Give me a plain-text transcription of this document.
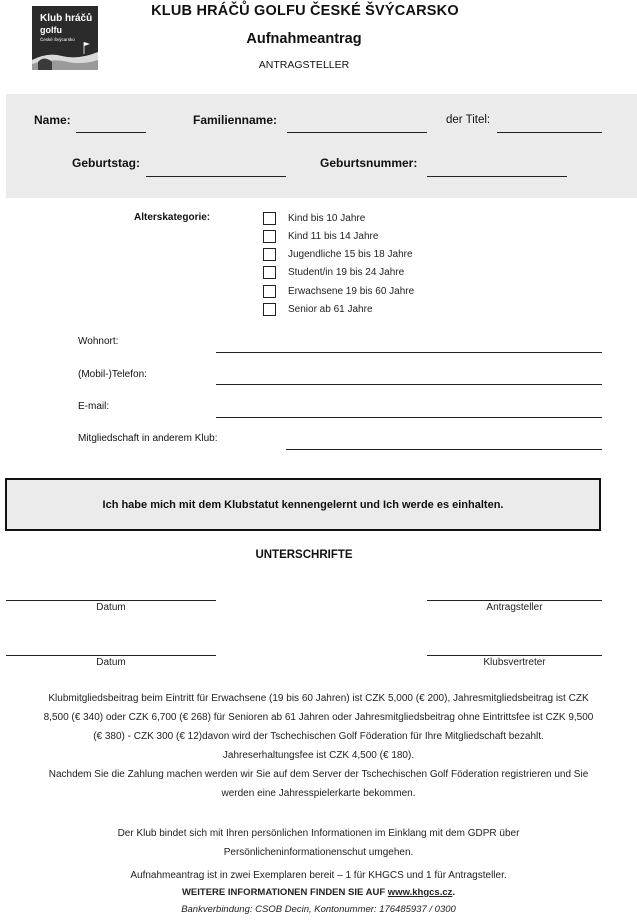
Klub hráčů
golfu
České Švýcarsko
KLUB HRÁČŮ GOLFU ČESKÉ ŠVÝCARSKO
Aufnahmeantrag
ANTRAGSTELLER
Name:	Familienname:	der Titel:
Geburtstag:	Geburtsnummer:
Alterskategorie:	Kind bis 10 Jahre
Kind 11 bis 14 Jahre
Jugendliche 15 bis 18 Jahre
Student/in 19 bis 24 Jahre
Erwachsene 19 bis 60 Jahre
Senior ab 61 Jahre
Wohnort:
(Mobil-)Telefon:
E-mail:
Mitgliedschaft in anderem Klub:
Ich habe mich mit dem Klubstatut kennengelernt und Ich werde es einhalten.
UNTERSCHRIFTE
Datum	Antragsteller
Datum	Klubsvertreter
Klubmitgliedsbeitrag beim Eintritt für Erwachsene (19 bis 60 Jahren) ist CZK 5,000 (€ 200), Jahresmitgliedsbeitrag ist CZK
8,500 (€ 340) oder CZK 6,700 (€ 268) für Senioren ab 61 Jahren oder Jahresmitgliedsbeitrag ohne Eintrittsfee ist CZK 9,500
(€ 380) - CZK 300 (€ 12)davon wird der Tschechischen Golf Föderation für Ihre Mitgliedschaft bezahlt.
Jahreserhaltungsfee ist CZK 4,500 (€ 180).
Nachdem Sie die Zahlung machen werden wir Sie auf dem Server der Tschechischen Golf Föderation registrieren und Sie
werden eine Jahresspielerkarte bekommen.
Der Klub bindet sich mit Ihren persönlichen Informationen im Einklang mit dem GDPR über
Persönlicheninformationenschut umgehen.
Aufnahmeantrag ist in zwei Exemplaren bereit – 1 für KHGCS und 1 für Antragsteller.
WEITERE INFORMATIONEN FINDEN SIE AUF www.khgcs.cz.
Bankverbindung: CSOB Decin, Kontonummer: 176485937 / 0300
